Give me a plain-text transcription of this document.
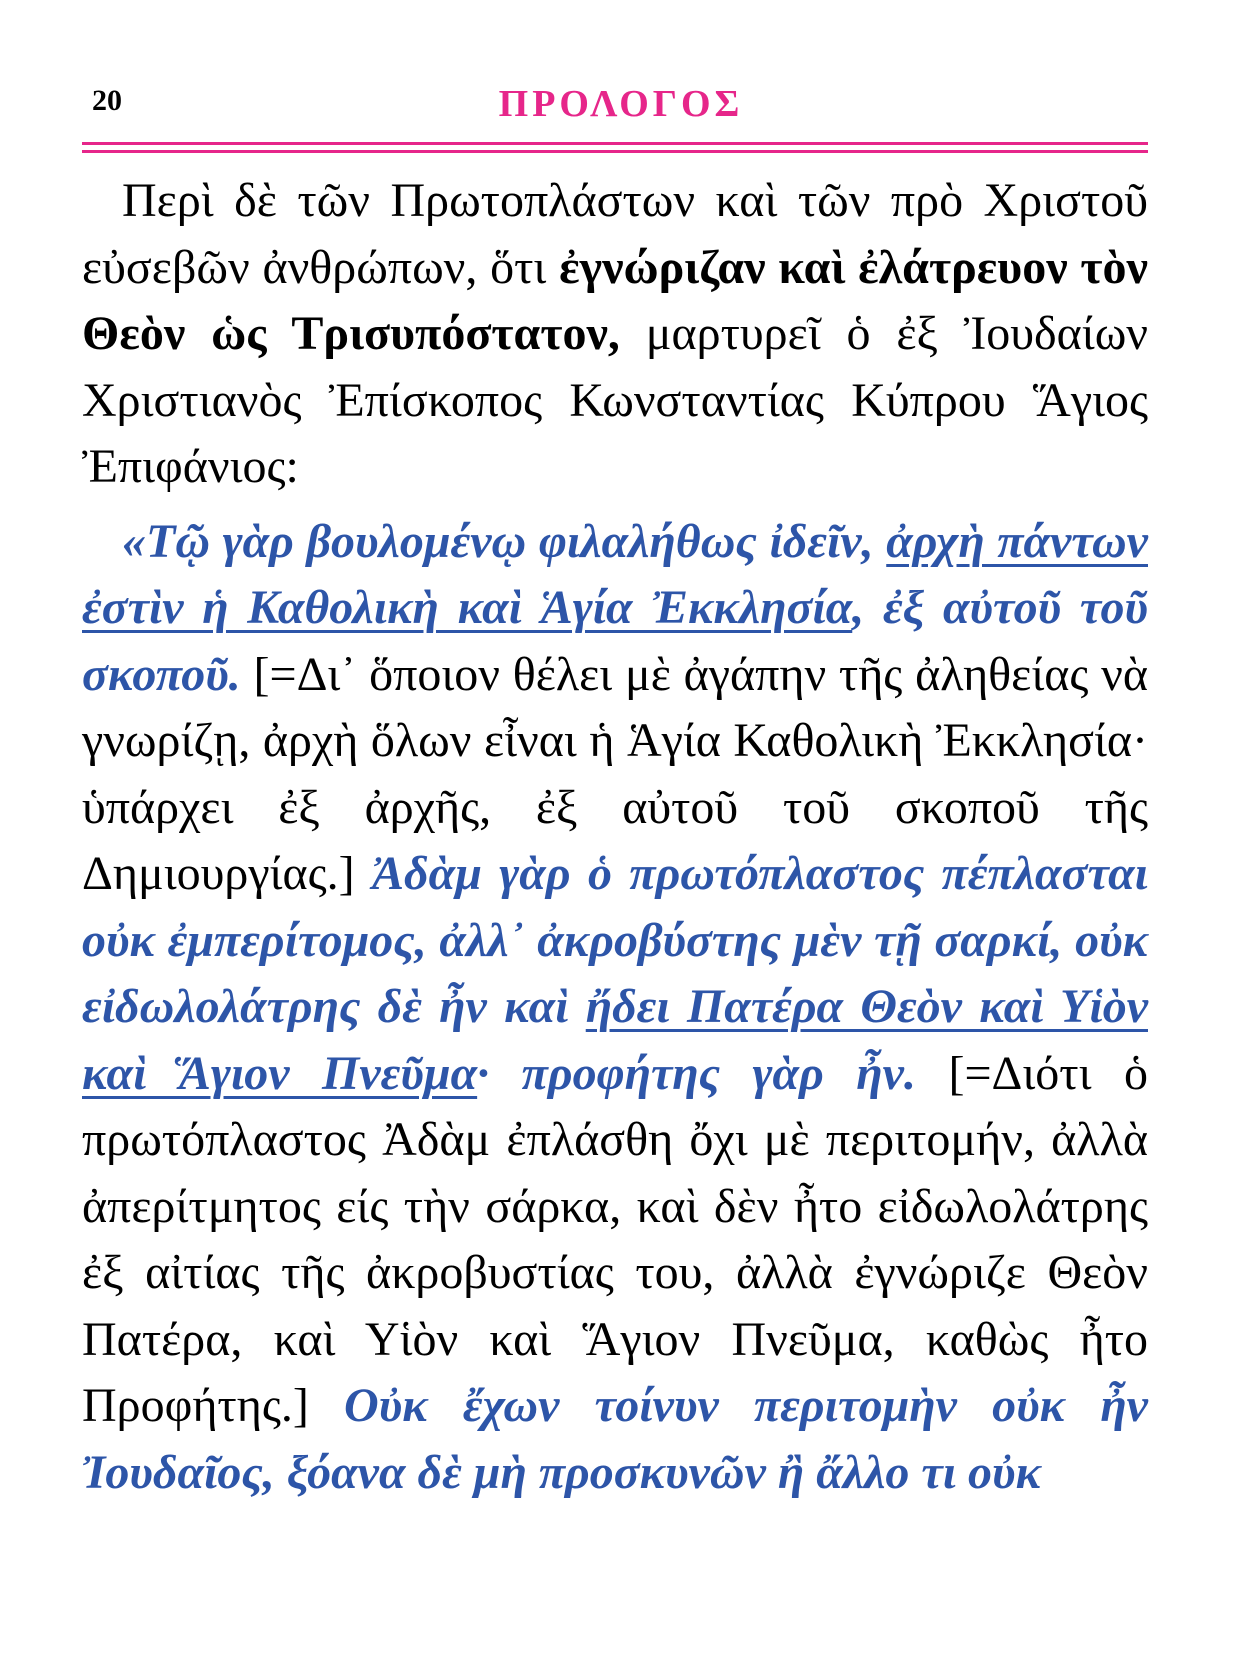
20	ΠΡΟΛΟΓΟΣ

Περὶ δὲ τῶν Πρωτοπλάστων καὶ τῶν πρὸ Χριστοῦ εὐσεβῶν ἀνθρώπων, ὅτι ἐγνώριζαν καὶ ἐλάτρευον τὸν Θεὸν ὡς Τρισυπόστατον, μαρτυρεῖ ὁ ἐξ Ἰουδαίων Χριστιανὸς Ἐπίσκοπος Κωνσταντίας Κύπρου Ἅγιος Ἐπιφάνιος:

«Τῷ γὰρ βουλομένῳ φιλαλήθως ἰδεῖν, ἀρχὴ πάντων ἐστὶν ἡ Καθολικὴ καὶ Ἁγία Ἐκκλησία, ἐξ αὐτοῦ τοῦ σκοποῦ. [=Δι᾽ ὅποιον θέλει μὲ ἀγάπην τῆς ἀληθείας νὰ γνωρίζῃ, ἀρχὴ ὅλων εἶναι ἡ Ἁγία Καθολικὴ Ἐκκλησία· ὑπάρχει ἐξ ἀρχῆς, ἐξ αὐτοῦ τοῦ σκοποῦ τῆς Δημιουργίας.] Ἀδὰμ γὰρ ὁ πρωτόπλαστος πέπλασται οὐκ ἐμπερίτομος, ἀλλ᾽ ἀκροβύστης μὲν τῇ σαρκί, οὐκ εἰδωλολάτρης δὲ ἦν καὶ ἤδει Πατέρα Θεὸν καὶ Υἱὸν καὶ Ἅγιον Πνεῦμα· προφήτης γὰρ ἦν. [=Διότι ὁ πρωτόπλαστος Ἀδὰμ ἐπλάσθη ὄχι μὲ περιτομήν, ἀλλὰ ἀπερίτμητος είς τὴν σάρκα, καὶ δὲν ἦτο εἰδωλολάτρης ἐξ αἰτίας τῆς ἀκροβυστίας του, ἀλλὰ ἐγνώριζε Θεὸν Πατέρα, καὶ Υἱὸν καὶ Ἅγιον Πνεῦμα, καθὼς ἦτο Προφήτης.] Οὐκ ἔχων τοίνυν περιτομὴν οὐκ ἦν Ἰουδαῖος, ξόανα δὲ μὴ προσκυνῶν ἢ ἄλλο τι οὐκ
